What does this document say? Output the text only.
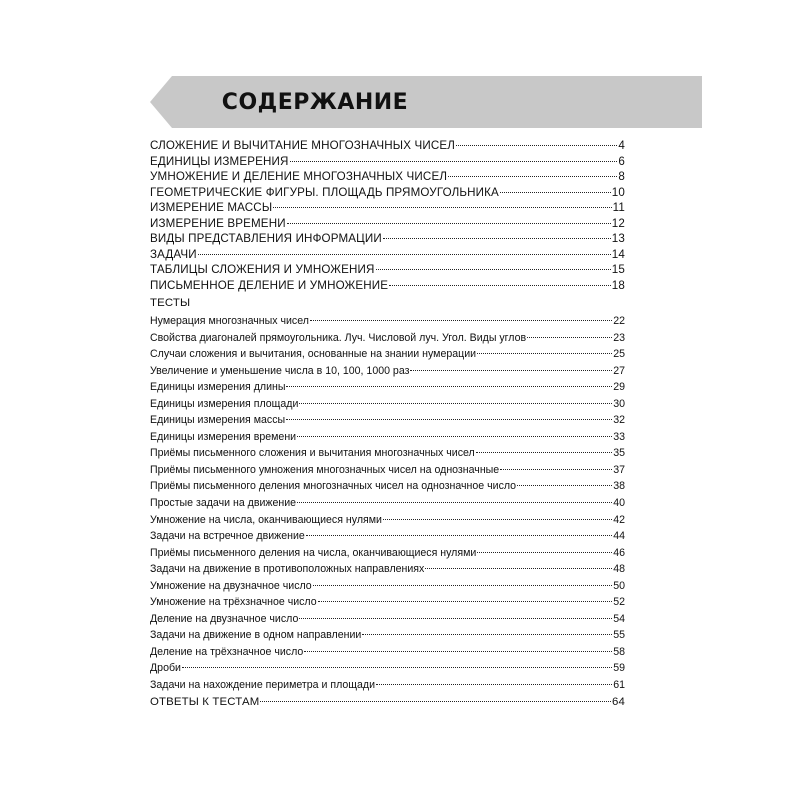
СОДЕРЖАНИЕ
СЛОЖЕНИЕ И ВЫЧИТАНИЕ МНОГОЗНАЧНЫХ ЧИСЕЛ	4
ЕДИНИЦЫ ИЗМЕРЕНИЯ	6
УМНОЖЕНИЕ И ДЕЛЕНИЕ МНОГОЗНАЧНЫХ ЧИСЕЛ	8
ГЕОМЕТРИЧЕСКИЕ ФИГУРЫ. ПЛОЩАДЬ ПРЯМОУГОЛЬНИКА	10
ИЗМЕРЕНИЕ МАССЫ	11
ИЗМЕРЕНИЕ ВРЕМЕНИ	12
ВИДЫ ПРЕДСТАВЛЕНИЯ ИНФОРМАЦИИ	13
ЗАДАЧИ	14
ТАБЛИЦЫ СЛОЖЕНИЯ И УМНОЖЕНИЯ	15
ПИСЬМЕННОЕ ДЕЛЕНИЕ И УМНОЖЕНИЕ	18
ТЕСТЫ
Нумерация многозначных чисел	22
Свойства диагоналей прямоугольника. Луч. Числовой луч. Угол. Виды углов	23
Случаи сложения и вычитания, основанные на знании нумерации	25
Увеличение и уменьшение числа в 10, 100, 1000 раз	27
Единицы измерения длины	29
Единицы измерения площади	30
Единицы измерения массы	32
Единицы измерения времени	33
Приёмы письменного сложения и вычитания многозначных чисел	35
Приёмы письменного умножения многозначных чисел на однозначные	37
Приёмы письменного деления многозначных чисел на однозначное число	38
Простые задачи на движение	40
Умножение на числа, оканчивающиеся нулями	42
Задачи на встречное движение	44
Приёмы письменного деления на числа, оканчивающиеся нулями	46
Задачи на движение в противоположных направлениях	48
Умножение на двузначное число	50
Умножение на трёхзначное число	52
Деление на двузначное число	54
Задачи на движение в одном направлении	55
Деление на трёхзначное число	58
Дроби	59
Задачи на нахождение периметра и площади	61
ОТВЕТЫ К ТЕСТАМ	64
